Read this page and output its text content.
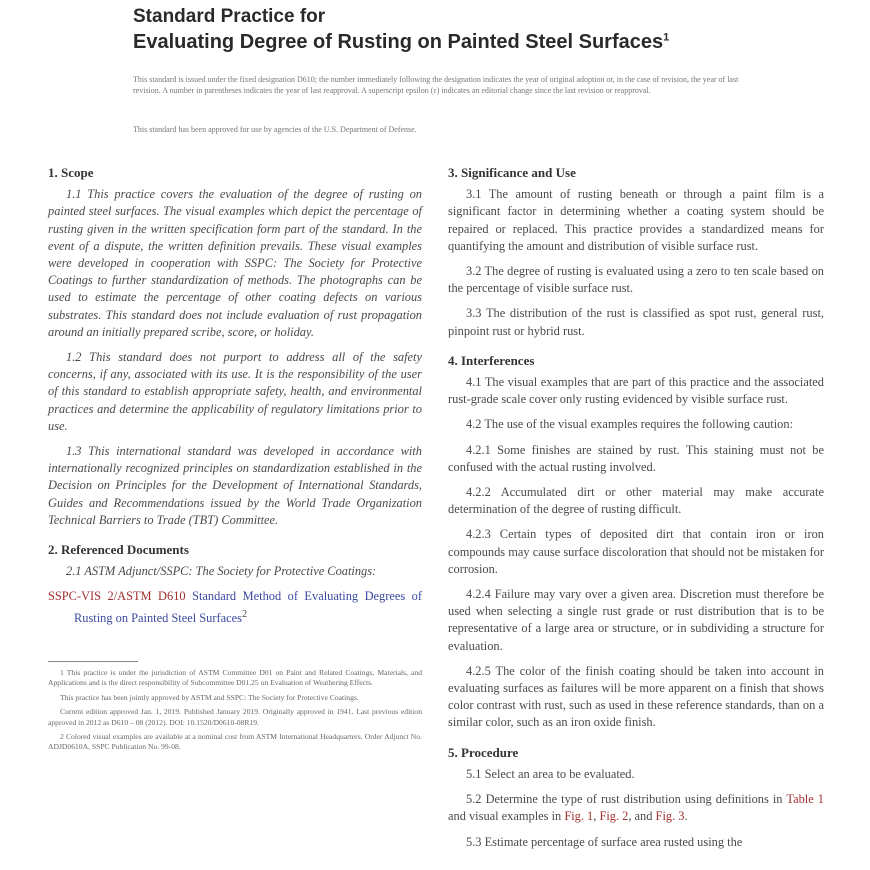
Standard Practice for
Evaluating Degree of Rusting on Painted Steel Surfaces$^1$
This standard is issued under the fixed designation D610; the number immediately following the designation indicates the year of original adoption or, in the case of revision, the year of last revision. A number in parentheses indicates the year of last reapproval. A superscript epsilon (ε) indicates an editorial change since the last revision or reapproval.
This standard has been approved for use by agencies of the U.S. Department of Defense.
1. Scope

1.1 This practice covers the evaluation of the degree of rusting on painted steel surfaces. The visual examples which depict the percentage of rusting given in the written specification form part of the standard. In the event of a dispute, the written definition prevails. These visual examples were developed in cooperation with SSPC: The Society for Protective Coatings to further standardization of methods. The photographs can be used to estimate the percentage of other coating defects on various substrates. This standard does not include evaluation of rust propagation around an initially prepared scribe, score, or holiday.

1.2 This standard does not purport to address all of the safety concerns, if any, associated with its use. It is the responsibility of the user of this standard to establish appropriate safety, health, and environmental practices and determine the applicability of regulatory limitations prior to use.

1.3 This international standard was developed in accordance with internationally recognized principles on standardization established in the Decision on Principles for the Development of International Standards, Guides and Recommendations issued by the World Trade Organization Technical Barriers to Trade (TBT) Committee.

2. Referenced Documents

2.1 ASTM Adjunct/SSPC: The Society for Protective Coatings:

SSPC-VIS 2/ASTM D610 Standard Method of Evaluating Degrees of Rusting on Painted Steel Surfaces$^2$
1 This practice is under the jurisdiction of ASTM Committee D01 on Paint and Related Coatings, Materials, and Applications and is the direct responsibility of Subcommittee D01.25 on Evaluation of Weathering Effects.
This practice has been jointly approved by ASTM and SSPC: The Society for Protective Coatings.
Current edition approved Jan. 1, 2019. Published January 2019. Originally approved in 1941. Last previous edition approved in 2012 as D610 – 08 (2012). DOI: 10.1520/D0610-08R19.
2 Colored visual examples are available at a nominal cost from ASTM International Headquarters. Order Adjunct No. ADJD0610A, SSPC Publication No. 99-08.
3. Significance and Use

3.1 The amount of rusting beneath or through a paint film is a significant factor in determining whether a coating system should be repaired or replaced. This practice provides a standardized means for quantifying the amount and distribution of visible surface rust.

3.2 The degree of rusting is evaluated using a zero to ten scale based on the percentage of visible surface rust.

3.3 The distribution of the rust is classified as spot rust, general rust, pinpoint rust or hybrid rust.

4. Interferences

4.1 The visual examples that are part of this practice and the associated rust-grade scale cover only rusting evidenced by visible surface rust.

4.2 The use of the visual examples requires the following caution:

4.2.1 Some finishes are stained by rust. This staining must not be confused with the actual rusting involved.

4.2.2 Accumulated dirt or other material may make accurate determination of the degree of rusting difficult.

4.2.3 Certain types of deposited dirt that contain iron or iron compounds may cause surface discoloration that should not be mistaken for corrosion.

4.2.4 Failure may vary over a given area. Discretion must therefore be used when selecting a single rust grade or rust distribution that is to be representative of a large area or structure, or in subdividing a structure for evaluation.

4.2.5 The color of the finish coating should be taken into account in evaluating surfaces as failures will be more apparent on a finish that shows color contrast with rust, such as used in these reference standards, than on a similar color, such as an iron oxide finish.

5. Procedure

5.1 Select an area to be evaluated.

5.2 Determine the type of rust distribution using definitions in Table 1 and visual examples in Fig. 1, Fig. 2, and Fig. 3.

5.3 Estimate percentage of surface area rusted using the
